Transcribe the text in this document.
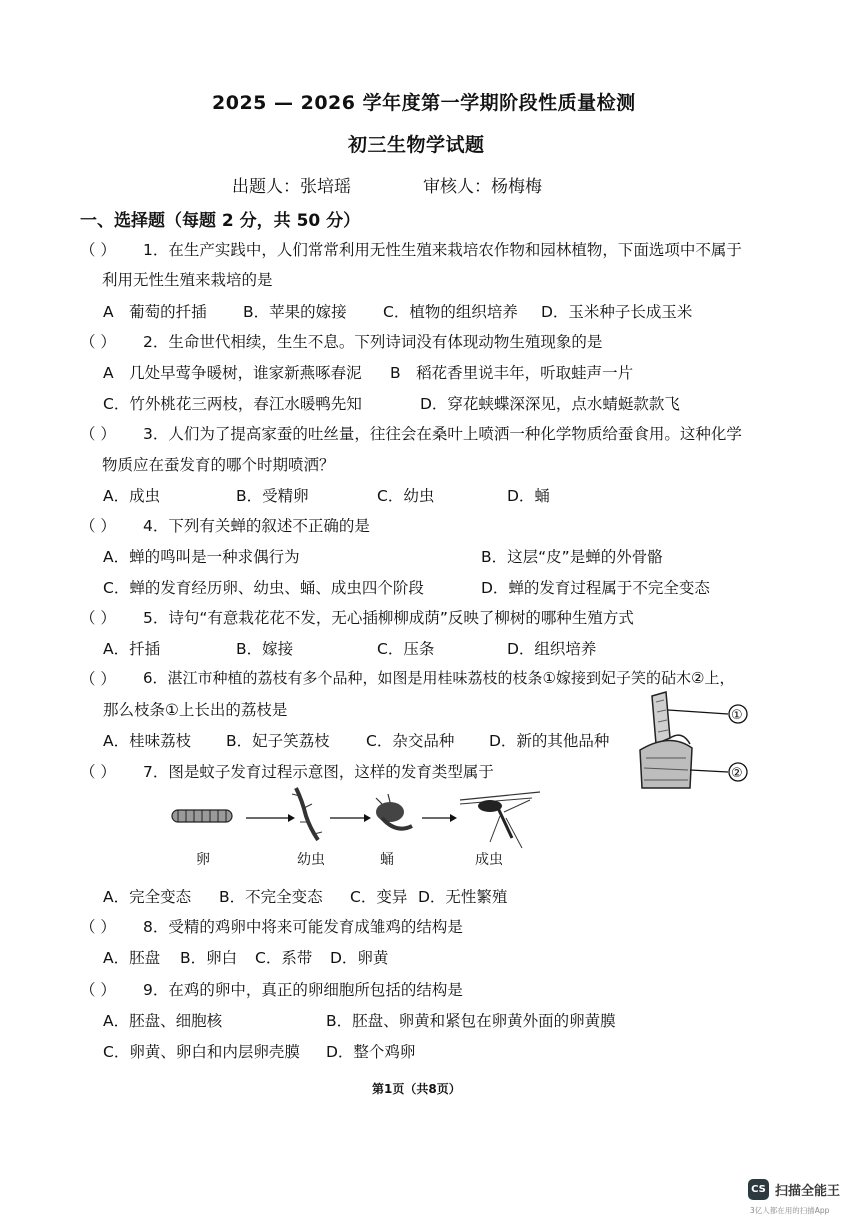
2025 — 2026 学年度第一学期阶段性质量检测
初三生物学试题
出题人：张培瑶	审核人：杨梅梅
一、选择题（每题 2 分，共 50 分）
（ ） 1．在生产实践中，人们常常利用无性生殖来栽培农作物和园林植物，下面选项中不属于
利用无性生殖来栽培的是
A　葡萄的扦插 B．苹果的嫁接 C．植物的组织培养 D．玉米种子长成玉米
（ ） 2．生命世代相续，生生不息。下列诗词没有体现动物生殖现象的是
A　几处早莺争暖树，谁家新燕啄春泥 B　稻花香里说丰年，听取蛙声一片
C．竹外桃花三两枝，春江水暖鸭先知	D．穿花蛱蝶深深见，点水蜻蜓款款飞
（ ） 3．人们为了提高家蚕的吐丝量，往往会在桑叶上喷洒一种化学物质给蚕食用。这种化学
物质应在蚕发育的哪个时期喷洒？
A．成虫	B．受精卵	C．幼虫	D．蛹
（ ） 4．下列有关蝉的叙述不正确的是
A．蝉的鸣叫是一种求偶行为	B．这层“皮”是蝉的外骨骼
C．蝉的发育经历卵、幼虫、蛹、成虫四个阶段	D．蝉的发育过程属于不完全变态
（ ） 5．诗句“有意栽花花不发，无心插柳柳成荫”反映了柳树的哪种生殖方式
A．扦插	B．嫁接	C．压条	D．组织培养
（ ） 6．湛江市种植的荔枝有多个品种，如图是用桂味荔枝的枝条①嫁接到妃子笑的砧木②上，
那么枝条①上长出的荔枝是
A．桂味荔枝 B．妃子笑荔枝 C．杂交品种 D．新的其他品种
①
②
（ ） 7．图是蚊子发育过程示意图，这样的发育类型属于
卵	幼虫	蛹	成虫
A．完全变态 B．不完全变态 C．变异 D．无性繁殖
（ ） 8．受精的鸡卵中将来可能发育成雏鸡的结构是
A．胚盘 B．卵白 C．系带 D．卵黄
（ ） 9．在鸡的卵中，真正的卵细胞所包括的结构是
A．胚盘、细胞核	B．胚盘、卵黄和紧包在卵黄外面的卵黄膜
C．卵黄、卵白和内层卵壳膜 D．整个鸡卵
第1页（共8页）
CS 扫描全能王
3亿人都在用的扫描App
